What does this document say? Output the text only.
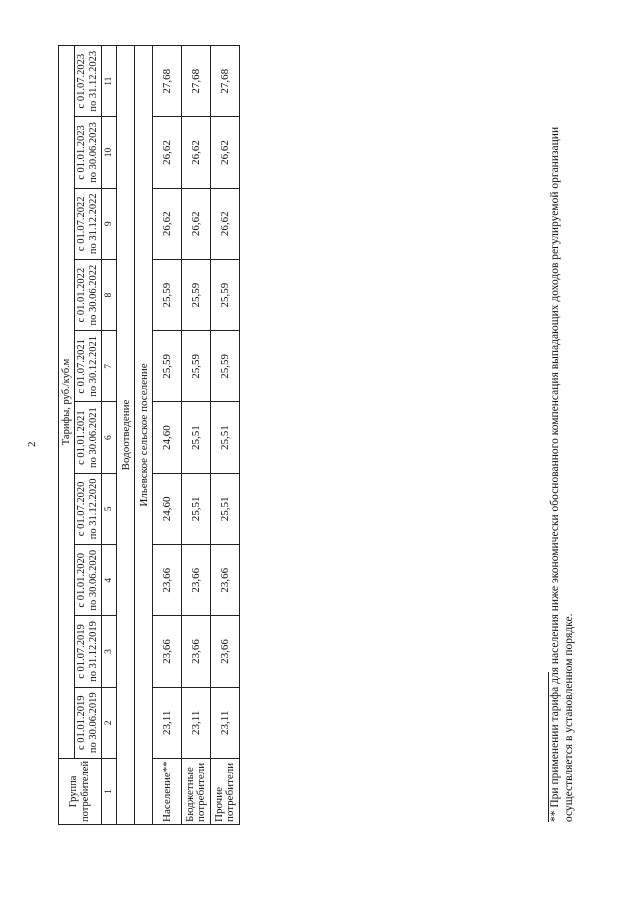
2
Группа потребителей	Тарифы, руб./куб.м									
	с 01.01.2019 по 30.06.2019	с 01.07.2019 по 31.12.2019	с 01.01.2020 по 30.06.2020	с 01.07.2020 по 31.12.2020	с 01.01.2021 по 30.06.2021	с 01.07.2021 по 30.12.2021	с 01.01.2022 по 30.06.2022	с 01.07.2022 по 31.12.2022	с 01.01.2023 по 30.06.2023	с 01.07.2023 по 31.12.2023
1	2	3	4	5	6	7	8	9	10	11
Водоотведение										
Ильевское сельское поселение										
Население**	23,11	23,66	23,66	24,60	24,60	25,59	25,59	26,62	26,62	27,68
Бюджетные потребители	23,11	23,66	23,66	25,51	25,51	25,59	25,59	26,62	26,62	27,68
Прочие потребители	23,11	23,66	23,66	25,51	25,51	25,59	25,59	26,62	26,62	27,68
** При применении тарифа для населения ниже экономически обоснованного компенсация выпадающих доходов регулируемой организации осуществляется в установленном порядке.
